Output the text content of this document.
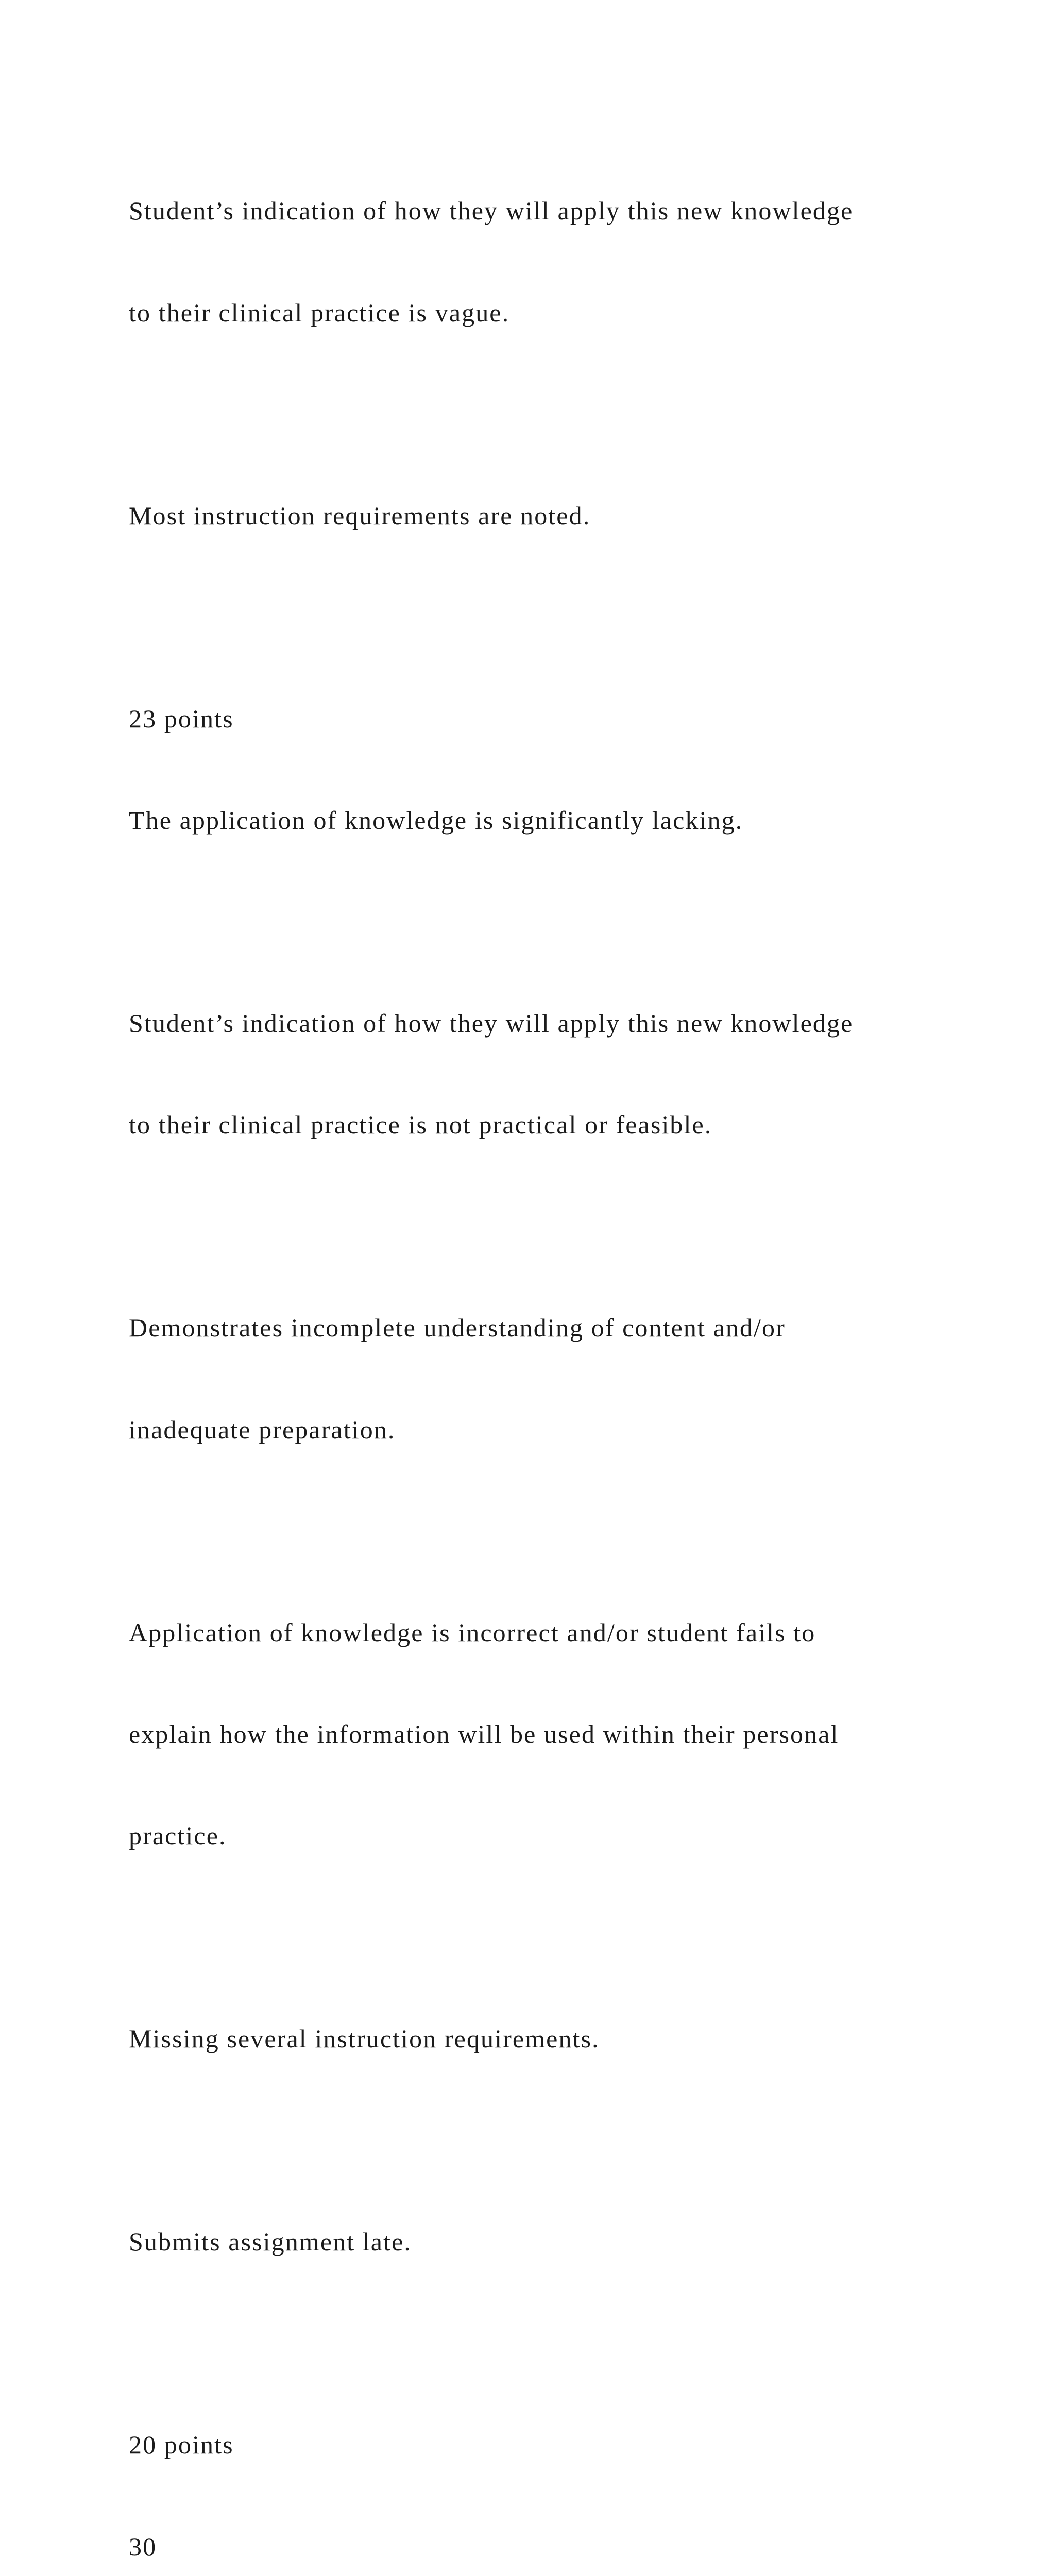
Student’s indication of how they will apply this new knowledge

to their clinical practice is vague.

Most instruction requirements are noted.

23 points

The application of knowledge is significantly lacking.

Student’s indication of how they will apply this new knowledge

to their clinical practice is not practical or feasible.

Demonstrates incomplete understanding of content and/or

inadequate preparation.

Application of knowledge is incorrect and/or student fails to

explain how the information will be used within their personal

practice.

Missing several instruction requirements.

Submits assignment late.

20 points

30
